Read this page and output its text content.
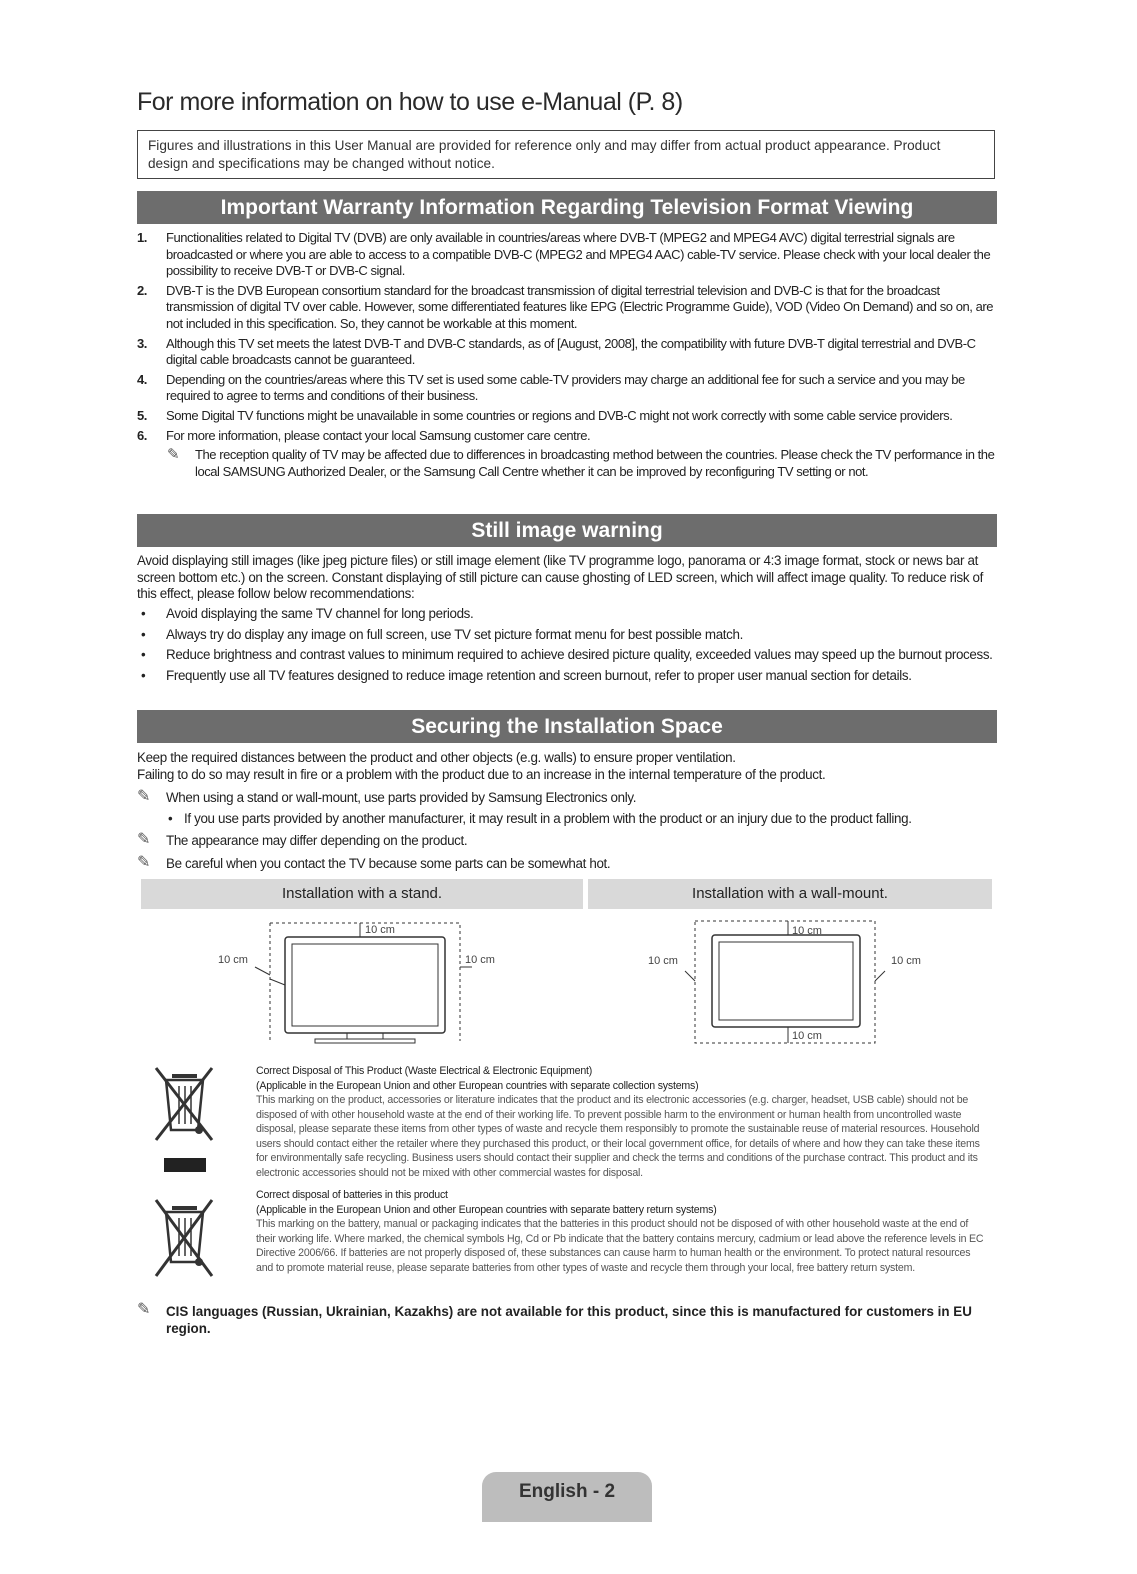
For more information on how to use e-Manual (P. 8)
Figures and illustrations in this User Manual are provided for reference only and may differ from actual product appearance. Product design and specifications may be changed without notice.
Important Warranty Information Regarding Television Format Viewing
1. Functionalities related to Digital TV (DVB) are only available in countries/areas where DVB-T (MPEG2 and MPEG4 AVC) digital terrestrial signals are broadcasted or where you are able to access to a compatible DVB-C (MPEG2 and MPEG4 AAC) cable-TV service. Please check with your local dealer the possibility to receive DVB-T or DVB-C signal.
2. DVB-T is the DVB European consortium standard for the broadcast transmission of digital terrestrial television and DVB-C is that for the broadcast transmission of digital TV over cable. However, some differentiated features like EPG (Electric Programme Guide), VOD (Video On Demand) and so on, are not included in this specification. So, they cannot be workable at this moment.
3. Although this TV set meets the latest DVB-T and DVB-C standards, as of [August, 2008], the compatibility with future DVB-T digital terrestrial and DVB-C digital cable broadcasts cannot be guaranteed.
4. Depending on the countries/areas where this TV set is used some cable-TV providers may charge an additional fee for such a service and you may be required to agree to terms and conditions of their business.
5. Some Digital TV functions might be unavailable in some countries or regions and DVB-C might not work correctly with some cable service providers.
6. For more information, please contact your local Samsung customer care centre.
✎ The reception quality of TV may be affected due to differences in broadcasting method between the countries. Please check the TV performance in the local SAMSUNG Authorized Dealer, or the Samsung Call Centre whether it can be improved by reconfiguring TV setting or not.
Still image warning
Avoid displaying still images (like jpeg picture files) or still image element (like TV programme logo, panorama or 4:3 image format, stock or news bar at screen bottom etc.) on the screen. Constant displaying of still picture can cause ghosting of LED screen, which will affect image quality. To reduce risk of this effect, please follow below recommendations:
• Avoid displaying the same TV channel for long periods.
• Always try do display any image on full screen, use TV set picture format menu for best possible match.
• Reduce brightness and contrast values to minimum required to achieve desired picture quality, exceeded values may speed up the burnout process.
• Frequently use all TV features designed to reduce image retention and screen burnout, refer to proper user manual section for details.
Securing the Installation Space
Keep the required distances between the product and other objects (e.g. walls) to ensure proper ventilation.
Failing to do so may result in fire or a problem with the product due to an increase in the internal temperature of the product.
✎ When using a stand or wall-mount, use parts provided by Samsung Electronics only.
• If you use parts provided by another manufacturer, it may result in a problem with the product or an injury due to the product falling.
✎ The appearance may differ depending on the product.
✎ Be careful when you contact the TV because some parts can be somewhat hot.
Installation with a stand.	Installation with a wall-mount.
10 cm
10 cm	10 cm
10 cm
10 cm	10 cm
10 cm
Correct Disposal of This Product (Waste Electrical & Electronic Equipment)
(Applicable in the European Union and other European countries with separate collection systems)
This marking on the product, accessories or literature indicates that the product and its electronic accessories (e.g. charger, headset, USB cable) should not be disposed of with other household waste at the end of their working life. To prevent possible harm to the environment or human health from uncontrolled waste disposal, please separate these items from other types of waste and recycle them responsibly to promote the sustainable reuse of material resources. Household users should contact either the retailer where they purchased this product, or their local government office, for details of where and how they can take these items for environmentally safe recycling. Business users should contact their supplier and check the terms and conditions of the purchase contract. This product and its electronic accessories should not be mixed with other commercial wastes for disposal.
Correct disposal of batteries in this product
(Applicable in the European Union and other European countries with separate battery return systems)
This marking on the battery, manual or packaging indicates that the batteries in this product should not be disposed of with other household waste at the end of their working life. Where marked, the chemical symbols Hg, Cd or Pb indicate that the battery contains mercury, cadmium or lead above the reference levels in EC Directive 2006/66. If batteries are not properly disposed of, these substances can cause harm to human health or the environment. To protect natural resources and to promote material reuse, please separate batteries from other types of waste and recycle them through your local, free battery return system.
✎ CIS languages (Russian, Ukrainian, Kazakhs) are not available for this product, since this is manufactured for customers in EU region.
English - 2
